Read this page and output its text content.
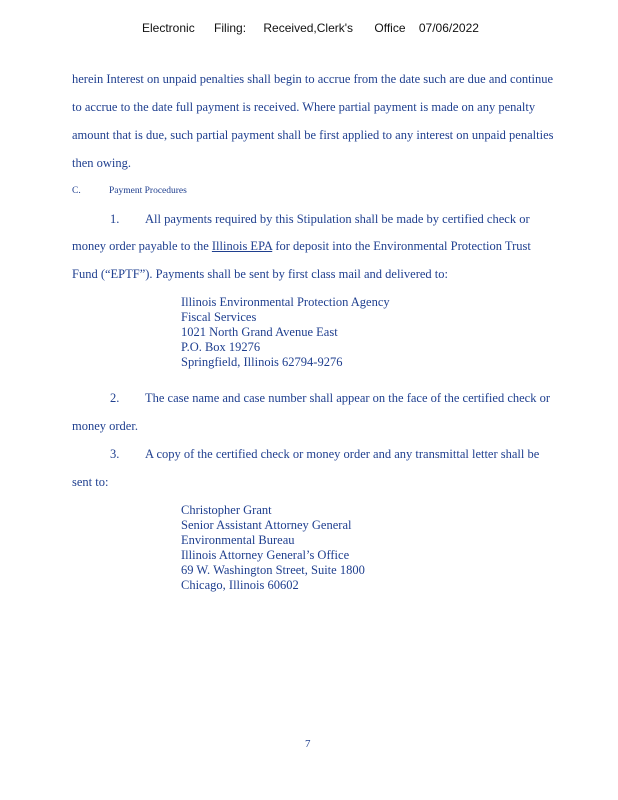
Electronic Filing: Received,Clerk's Office 07/06/2022
herein Interest on unpaid penalties shall begin to accrue from the date such are due and continue
to accrue to the date full payment is received. Where partial payment is made on any penalty
amount that is due, such partial payment shall be first applied to any interest on unpaid penalties
then owing.
C.	Payment Procedures
1. All payments required by this Stipulation shall be made by certified check or
money order payable to the Illinois EPA for deposit into the Environmental Protection Trust
Fund (“EPTF”). Payments shall be sent by first class mail and delivered to:
Illinois Environmental Protection Agency
Fiscal Services
1021 North Grand Avenue East
P.O. Box 19276
Springfield, Illinois 62794-9276
2. The case name and case number shall appear on the face of the certified check or
money order.
3. A copy of the certified check or money order and any transmittal letter shall be
sent to:
Christopher Grant
Senior Assistant Attorney General
Environmental Bureau
Illinois Attorney General’s Office
69 W. Washington Street, Suite 1800
Chicago, Illinois 60602
7
